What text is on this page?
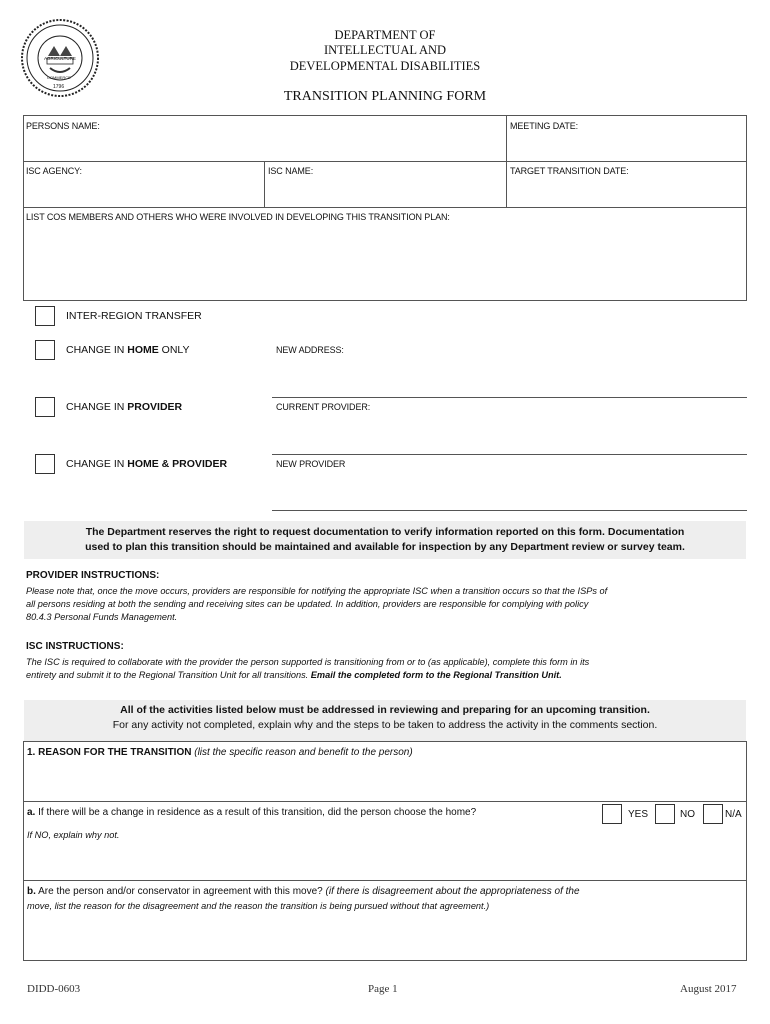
AGRICULTURE
COMMERCE
1796
DEPARTMENT OF
INTELLECTUAL AND
DEVELOPMENTAL DISABILITIES
TRANSITION PLANNING FORM
PERSONS NAME:	MEETING DATE:
ISC AGENCY:	ISC NAME:	TARGET TRANSITION DATE:
LIST COS MEMBERS AND OTHERS WHO WERE INVOLVED IN DEVELOPING THIS TRANSITION PLAN:
INTER-REGION TRANSFER
CHANGE IN HOME ONLY	NEW ADDRESS:
CHANGE IN PROVIDER	CURRENT PROVIDER:
CHANGE IN HOME & PROVIDER	NEW PROVIDER
The Department reserves the right to request documentation to verify information reported on this form. Documentation
used to plan this transition should be maintained and available for inspection by any Department review or survey team.
PROVIDER INSTRUCTIONS:
Please note that, once the move occurs, providers are responsible for notifying the appropriate ISC when a transition occurs so that the ISPs of
all persons residing at both the sending and receiving sites can be updated. In addition, providers are responsible for complying with policy
80.4.3 Personal Funds Management.
ISC INSTRUCTIONS:
The ISC is required to collaborate with the provider the person supported is transitioning from or to (as applicable), complete this form in its
entirety and submit it to the Regional Transition Unit for all transitions. Email the completed form to the Regional Transition Unit.
All of the activities listed below must be addressed in reviewing and preparing for an upcoming transition.
For any activity not completed, explain why and the steps to be taken to address the activity in the comments section.
1. REASON FOR THE TRANSITION (list the specific reason and benefit to the person)
a. If there will be a change in residence as a result of this transition, did the person choose the home?	YES	NO	N/A
If NO, explain why not.
b. Are the person and/or conservator in agreement with this move? (if there is disagreement about the appropriateness of the
move, list the reason for the disagreement and the reason the transition is being pursued without that agreement.)
DIDD-0603	Page 1	August 2017
